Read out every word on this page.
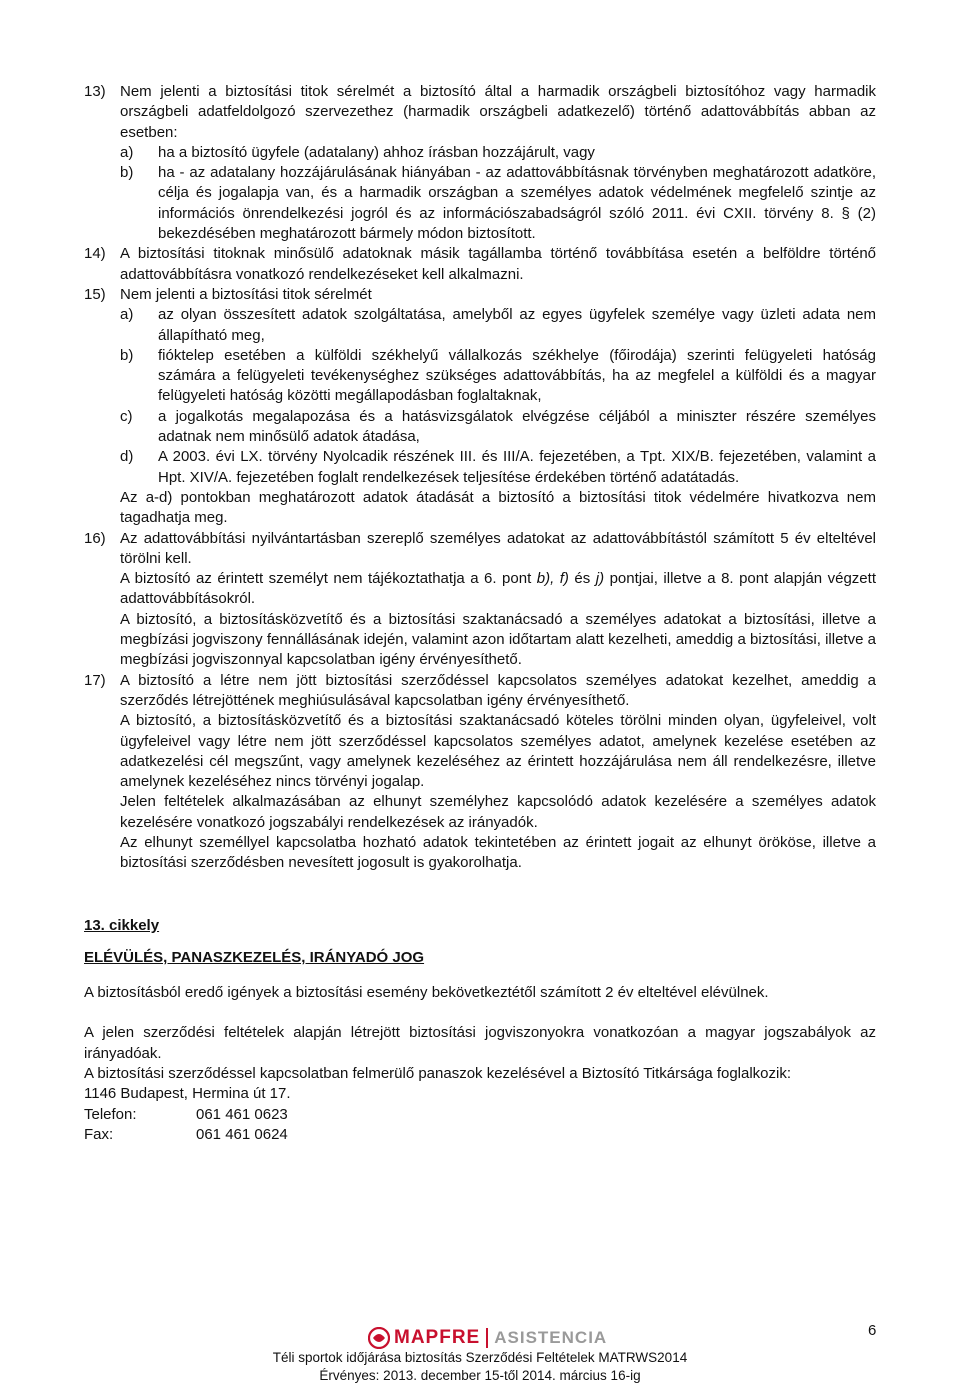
13) Nem jelenti a biztosítási titok sérelmét a biztosító által a harmadik országbeli biztosítóhoz vagy harmadik országbeli adatfeldolgozó szervezethez (harmadik országbeli adatkezelő) történő adattovábbítás abban az esetben:
a) ha a biztosító ügyfele (adatalany) ahhoz írásban hozzájárult, vagy
b) ha - az adatalany hozzájárulásának hiányában - az adattovábbításnak törvényben meghatározott adatköre, célja és jogalapja van, és a harmadik országban a személyes adatok védelmének megfelelő szintje az információs önrendelkezési jogról és az információszabadságról szóló 2011. évi CXII. törvény 8. § (2) bekezdésében meghatározott bármely módon biztosított.
14) A biztosítási titoknak minősülő adatoknak másik tagállamba történő továbbítása esetén a belföldre történő adattovábbításra vonatkozó rendelkezéseket kell alkalmazni.
15) Nem jelenti a biztosítási titok sérelmét
a) az olyan összesített adatok szolgáltatása, amelyből az egyes ügyfelek személye vagy üzleti adata nem állapítható meg,
b) fióktelep esetében a külföldi székhelyű vállalkozás székhelye (főirodája) szerinti felügyeleti hatóság számára a felügyeleti tevékenységhez szükséges adattovábbítás, ha az megfelel a külföldi és a magyar felügyeleti hatóság közötti megállapodásban foglaltaknak,
c) a jogalkotás megalapozása és a hatásvizsgálatok elvégzése céljából a miniszter részére személyes adatnak nem minősülő adatok átadása,
d) A 2003. évi LX. törvény Nyolcadik részének III. és III/A. fejezetében, a Tpt. XIX/B. fejezetében, valamint a Hpt. XIV/A. fejezetében foglalt rendelkezések teljesítése érdekében történő adatátadás.
Az a-d) pontokban meghatározott adatok átadását a biztosító a biztosítási titok védelmére hivatkozva nem tagadhatja meg.
16) Az adattovábbítási nyilvántartásban szereplő személyes adatokat az adattovábbítástól számított 5 év elteltével törölni kell.
A biztosító az érintett személyt nem tájékoztathatja a 6. pont b), f) és j) pontjai, illetve a 8. pont alapján végzett adattovábbításokról.
A biztosító, a biztosításközvetítő és a biztosítási szaktanácsadó a személyes adatokat a biztosítási, illetve a megbízási jogviszony fennállásának idején, valamint azon időtartam alatt kezelheti, ameddig a biztosítási, illetve a megbízási jogviszonnyal kapcsolatban igény érvényesíthető.
17) A biztosító a létre nem jött biztosítási szerződéssel kapcsolatos személyes adatokat kezelhet, ameddig a szerződés létrejöttének meghiúsulásával kapcsolatban igény érvényesíthető.
A biztosító, a biztosításközvetítő és a biztosítási szaktanácsadó köteles törölni minden olyan, ügyfeleivel, volt ügyfeleivel vagy létre nem jött szerződéssel kapcsolatos személyes adatot, amelynek kezelése esetében az adatkezelési cél megszűnt, vagy amelynek kezeléséhez az érintett hozzájárulása nem áll rendelkezésre, illetve amelynek kezeléséhez nincs törvényi jogalap.
Jelen feltételek alkalmazásában az elhunyt személyhez kapcsolódó adatok kezelésére a személyes adatok kezelésére vonatkozó jogszabályi rendelkezések az irányadók.
Az elhunyt személlyel kapcsolatba hozható adatok tekintetében az érintett jogait az elhunyt örököse, illetve a biztosítási szerződésben nevesített jogosult is gyakorolhatja.
13. cikkely
ELÉVÜLÉS, PANASZKEZELÉS, IRÁNYADÓ JOG
A biztosításból eredő igények a biztosítási esemény bekövetkeztétől számított 2 év elteltével elévülnek.
A jelen szerződési feltételek alapján létrejött biztosítási jogviszonyokra vonatkozóan a magyar jogszabályok az irányadóak.
A biztosítási szerződéssel kapcsolatban felmerülő panaszok kezelésével a Biztosító Titkársága foglalkozik:
1146 Budapest, Hermina út 17.
Telefon:	061 461 0623
Fax:	061 461 0624
MAPFRE ASISTENCIA	6
Téli sportok időjárása biztosítás Szerződési Feltételek MATRWS2014
Érvényes: 2013. december 15-től 2014. március 16-ig
